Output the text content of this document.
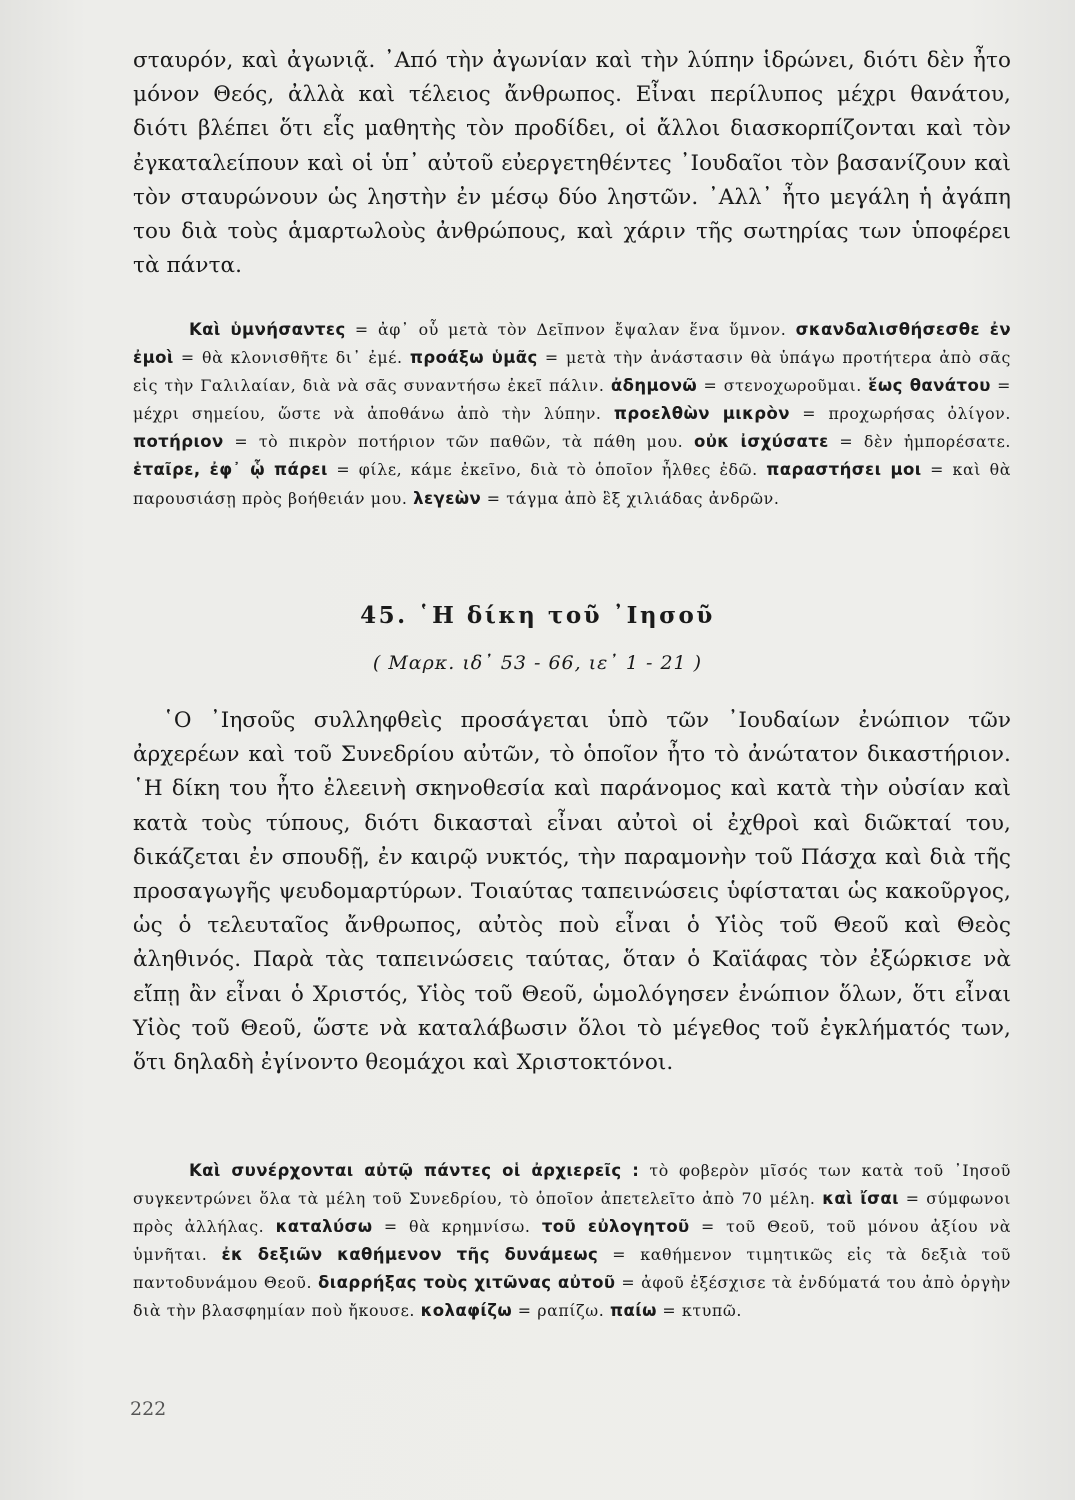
σταυρόν, καὶ ἀγωνιᾷ. ᾽Από τὴν ἀγωνίαν καὶ τὴν λύπην ἱδρώνει, διότι δὲν ἦτο μόνον Θεός, ἀλλὰ καὶ τέλειος ἄνθρωπος. Εἶναι περίλυπος μέχρι θανάτου, διότι βλέπει ὅτι εἷς μαθητὴς τὸν προδίδει, οἱ ἄλλοι διασκορπίζονται καὶ τὸν ἐγκαταλείπουν καὶ οἱ ὑπ᾽ αὐτοῦ εὐεργετηθέντες ᾽Ιουδαῖοι τὸν βασανίζουν καὶ τὸν σταυρώνουν ὡς ληστὴν ἐν μέσῳ δύο ληστῶν. ᾽Αλλ᾽ ἦτο μεγάλη ἡ ἀγάπη του διὰ τοὺς ἁμαρτωλοὺς ἀνθρώπους, καὶ χάριν τῆς σωτηρίας των ὑποφέρει τὰ πάντα.
Καὶ ὑμνήσαντες = ἀφ᾽ οὗ μετὰ τὸν Δεῖπνον ἔψαλαν ἕνα ὕμνον. σκανδαλισθήσεσθε ἐν ἐμοὶ = θὰ κλονισθῆτε δι᾽ ἐμέ. προάξω ὑμᾶς = μετὰ τὴν ἀνάστασιν θὰ ὑπάγω προτήτερα ἀπὸ σᾶς εἰς τὴν Γαλιλαίαν, διὰ νὰ σᾶς συναντήσω ἐκεῖ πάλιν. ἀδημονῶ = στενοχωροῦμαι. ἕως θανάτου = μέχρι σημείου, ὥστε νὰ ἀποθάνω ἀπὸ τὴν λύπην. προελθὼν μικρὸν = προχωρήσας ὀλίγον. ποτήριον = τὸ πικρὸν ποτήριον τῶν παθῶν, τὰ πάθη μου. οὐκ ἰσχύσατε = δὲν ἠμπορέσατε. ἑταῖρε, ἐφ᾽ ᾧ πάρει = φίλε, κάμε ἐκεῖνο, διὰ τὸ ὁποῖον ἦλθες ἐδῶ. παραστήσει μοι = καὶ θὰ παρουσιάσῃ πρὸς βοήθειάν μου. λεγεὼν = τάγμα ἀπὸ ἓξ χιλιάδας ἀνδρῶν.
45. ῾Η δίκη τοῦ ᾽Ιησοῦ
( Μαρκ. ιδ᾽ 53 - 66, ιε᾽ 1 - 21 )
῾Ο ᾽Ιησοῦς συλληφθεὶς προσάγεται ὑπὸ τῶν ᾽Ιουδαίων ἐνώπιον τῶν ἀρχερέων καὶ τοῦ Συνεδρίου αὐτῶν, τὸ ὁποῖον ἦτο τὸ ἀνώτατον δικαστήριον. ῾Η δίκη του ἦτο ἐλεεινὴ σκηνοθεσία καὶ παράνομος καὶ κατὰ τὴν οὐσίαν καὶ κατὰ τοὺς τύπους, διότι δικασταὶ εἶναι αὐτοὶ οἱ ἐχθροὶ καὶ διῶκταί του, δικάζεται ἐν σπουδῇ, ἐν καιρῷ νυκτός, τὴν παραμονὴν τοῦ Πάσχα καὶ διὰ τῆς προσαγωγῆς ψευδομαρτύρων. Τοιαύτας ταπεινώσεις ὑφίσταται ὡς κακοῦργος, ὡς ὁ τελευταῖος ἄνθρωπος, αὐτὸς ποὺ εἶναι ὁ Υἱὸς τοῦ Θεοῦ καὶ Θεὸς ἀληθινός. Παρὰ τὰς ταπεινώσεις ταύτας, ὅταν ὁ Καϊάφας τὸν ἐξώρκισε νὰ εἴπῃ ἂν εἶναι ὁ Χριστός, Υἱὸς τοῦ Θεοῦ, ὡμολόγησεν ἐνώπιον ὅλων, ὅτι εἶναι Υἱὸς τοῦ Θεοῦ, ὥστε νὰ καταλάβωσιν ὅλοι τὸ μέγεθος τοῦ ἐγκλήματός των, ὅτι δηλαδὴ ἐγίνοντο θεομάχοι καὶ Χριστοκτόνοι.
Καὶ συνέρχονται αὐτῷ πάντες οἱ ἀρχιερεῖς : τὸ φοβερὸν μῖσός των κατὰ τοῦ ᾽Ιησοῦ συγκεντρώνει ὅλα τὰ μέλη τοῦ Συνεδρίου, τὸ ὁποῖον ἀπετελεῖτο ἀπὸ 70 μέλη. καὶ ἴσαι = σύμφωνοι πρὸς ἀλλήλας. καταλύσω = θὰ κρημνίσω. τοῦ εὐλογητοῦ = τοῦ Θεοῦ, τοῦ μόνου ἀξίου νὰ ὑμνῆται. ἐκ δεξιῶν καθήμενον τῆς δυνάμεως = καθήμενον τιμητικῶς εἰς τὰ δεξιὰ τοῦ παντοδυνάμου Θεοῦ. διαρρήξας τοὺς χιτῶνας αὐτοῦ = ἀφοῦ ἐξέσχισε τὰ ἐνδύματά του ἀπὸ ὀργὴν διὰ τὴν βλασφημίαν ποὺ ἤκουσε. κολαφίζω = ραπίζω. παίω = κτυπῶ.
222
